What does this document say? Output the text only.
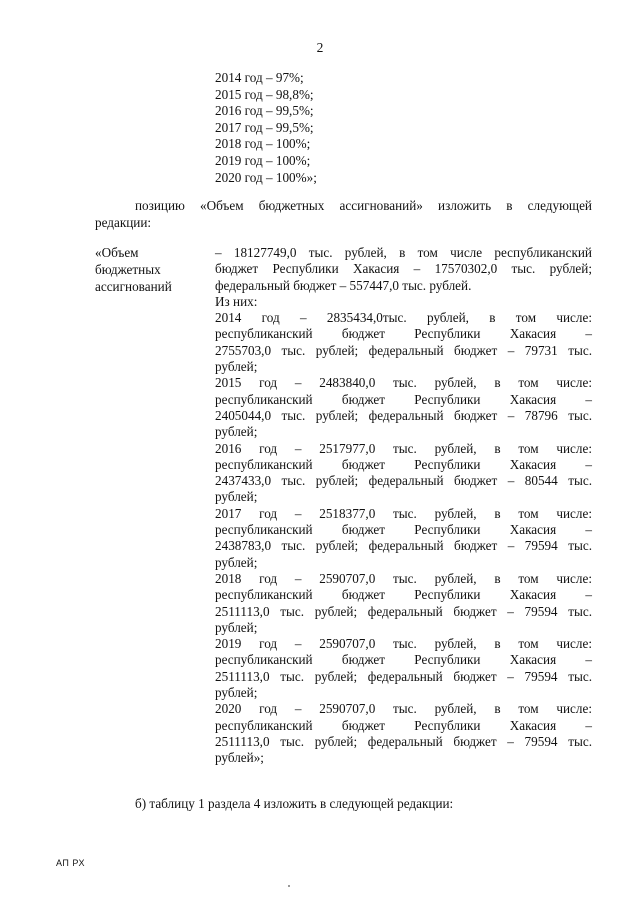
2
2014 год – 97%;
2015 год – 98,8%;
2016 год – 99,5%;
2017 год – 99,5%;
2018 год – 100%;
2019 год – 100%;
2020 год – 100%»;
позицию «Объем бюджетных ассигнований» изложить в следующей
редакции:
«Объем
бюджетных
ассигнований

– 18127749,0 тыс. рублей, в том числе республиканский

бюджет Республики Хакасия – 17570302,0 тыс. рублей;

федеральный бюджет – 557447,0 тыс. рублей.

Из них:

2014 год – 2835434,0тыс. рублей, в том числе:

республиканский бюджет Республики Хакасия –

2755703,0 тыс. рублей; федеральный бюджет – 79731 тыс.

рублей;

2015 год – 2483840,0 тыс. рублей, в том числе:

республиканский бюджет Республики Хакасия –

2405044,0 тыс. рублей; федеральный бюджет – 78796 тыс.

рублей;

2016 год – 2517977,0 тыс. рублей, в том числе:

республиканский бюджет Республики Хакасия –

2437433,0 тыс. рублей; федеральный бюджет – 80544 тыс.

рублей;

2017 год – 2518377,0 тыс. рублей, в том числе:

республиканский бюджет Республики Хакасия –

2438783,0 тыс. рублей; федеральный бюджет – 79594 тыс.

рублей;

2018 год – 2590707,0 тыс. рублей, в том числе:

республиканский бюджет Республики Хакасия –

2511113,0 тыс. рублей; федеральный бюджет – 79594 тыс.

рублей;

2019 год – 2590707,0 тыс. рублей, в том числе:

республиканский бюджет Республики Хакасия –

2511113,0 тыс. рублей; федеральный бюджет – 79594 тыс.

рублей;

2020 год – 2590707,0 тыс. рублей, в том числе:

республиканский бюджет Республики Хакасия –

2511113,0 тыс. рублей; федеральный бюджет – 79594 тыс.

рублей»;

б) таблицу 1 раздела 4 изложить в следующей редакции:
АП РХ
